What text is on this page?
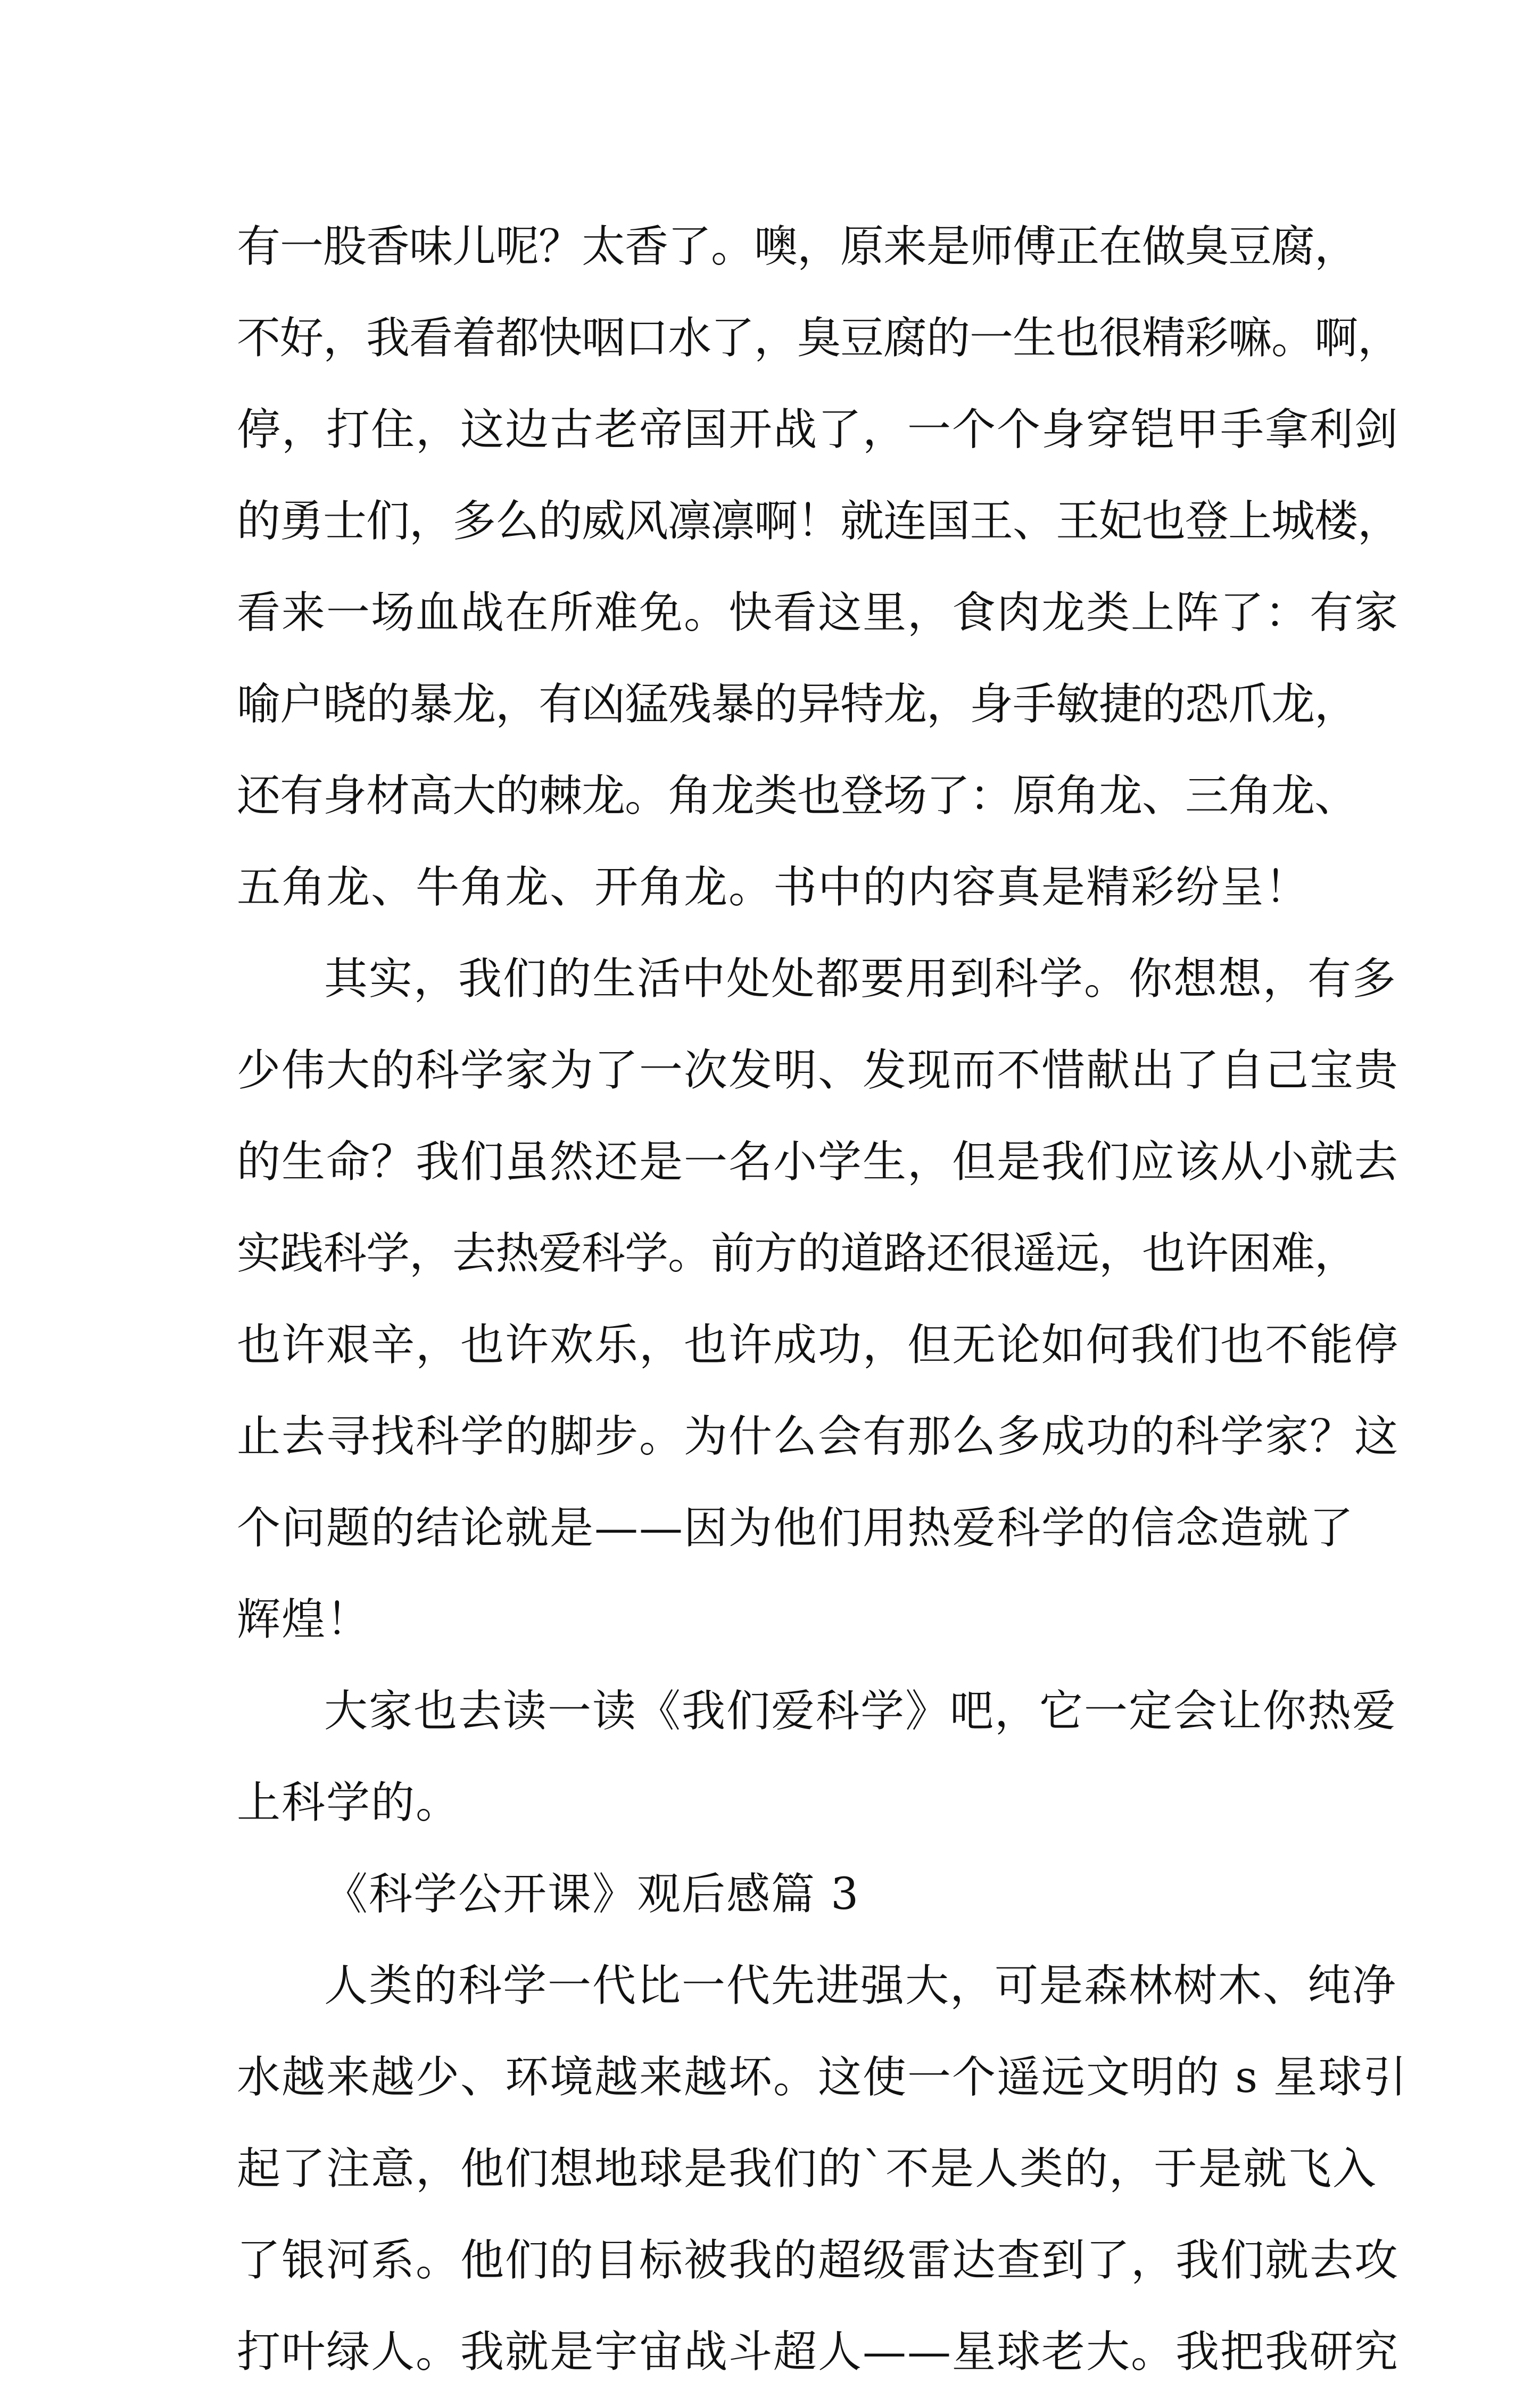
有一股香味儿呢？太香了。噢，原来是师傅正在做臭豆腐，
不好，我看着都快咽口水了，臭豆腐的一生也很精彩嘛。啊，
停，打住，这边古老帝国开战了，一个个身穿铠甲手拿利剑
的勇士们，多么的威风凛凛啊！就连国王、王妃也登上城楼，
看来一场血战在所难免。快看这里，食肉龙类上阵了：有家
喻户晓的暴龙，有凶猛残暴的异特龙，身手敏捷的恐爪龙，
还有身材高大的棘龙。角龙类也登场了：原角龙、三角龙、
五角龙、牛角龙、开角龙。书中的内容真是精彩纷呈！
其实，我们的生活中处处都要用到科学。你想想，有多
少伟大的科学家为了一次发明、发现而不惜献出了自己宝贵
的生命？我们虽然还是一名小学生，但是我们应该从小就去
实践科学，去热爱科学。前方的道路还很遥远，也许困难，
也许艰辛，也许欢乐，也许成功，但无论如何我们也不能停
止去寻找科学的脚步。为什么会有那么多成功的科学家？这
个问题的结论就是——因为他们用热爱科学的信念造就了
辉煌！
大家也去读一读《我们爱科学》吧，它一定会让你热爱
上科学的。
《科学公开课》观后感篇 3
人类的科学一代比一代先进强大，可是森林树木、纯净
水越来越少、环境越来越坏。这使一个遥远文明的 s 星球引
起了注意，他们想地球是我们的`不是人类的，于是就飞入
了银河系。他们的目标被我的超级雷达查到了，我们就去攻
打叶绿人。我就是宇宙战斗超人——星球老大。我把我研究
